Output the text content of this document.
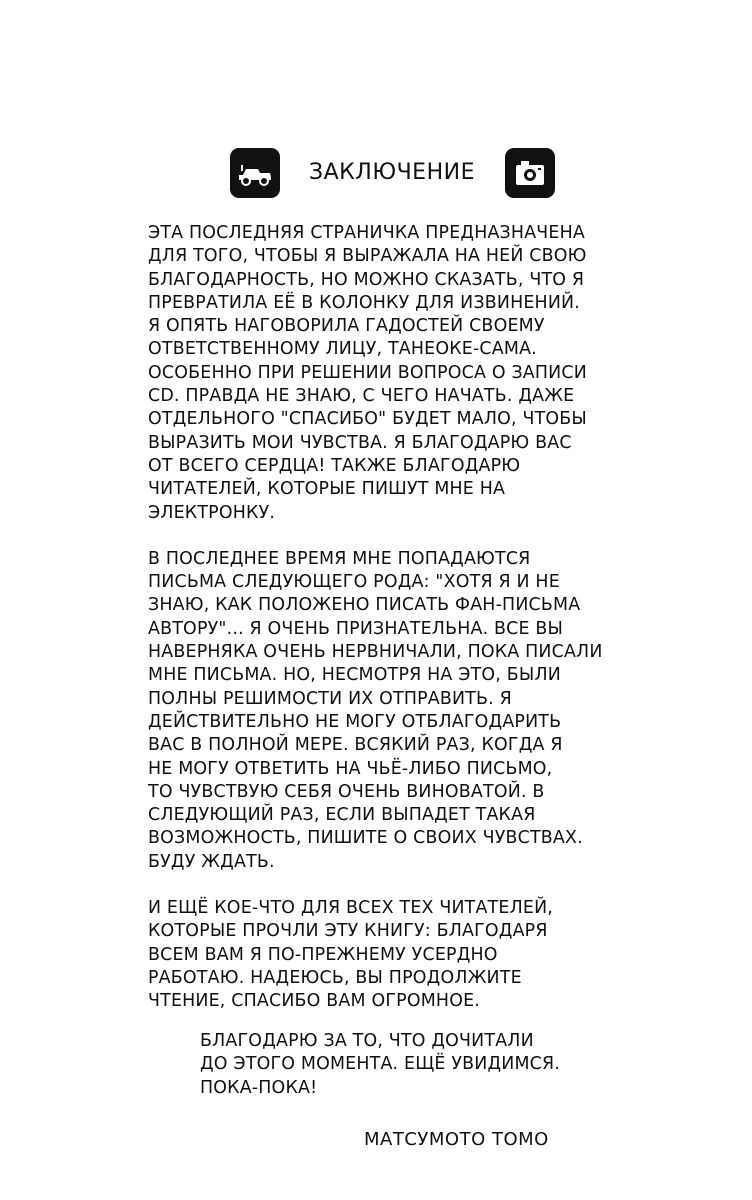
ЗАКЛЮЧЕНИЕ

ЭТА ПОСЛЕДНЯЯ СТРАНИЧКА ПРЕДНАЗНАЧЕНА
ДЛЯ ТОГО, ЧТОБЫ Я ВЫРАЖАЛА НА НЕЙ СВОЮ
БЛАГОДАРНОСТЬ, НО МОЖНО СКАЗАТЬ, ЧТО Я
ПРЕВРАТИЛА ЕЁ В КОЛОНКУ ДЛЯ ИЗВИНЕНИЙ.
Я ОПЯТЬ НАГОВОРИЛА ГАДОСТЕЙ СВОЕМУ
ОТВЕТСТВЕННОМУ ЛИЦУ, ТАНЕОКЕ-САМА.
ОСОБЕННО ПРИ РЕШЕНИИ ВОПРОСА О ЗАПИСИ
CD. ПРАВДА НЕ ЗНАЮ, С ЧЕГО НАЧАТЬ. ДАЖЕ
ОТДЕЛЬНОГО "СПАСИБО" БУДЕТ МАЛО, ЧТОБЫ
ВЫРАЗИТЬ МОИ ЧУВСТВА. Я БЛАГОДАРЮ ВАС
ОТ ВСЕГО СЕРДЦА! ТАКЖЕ БЛАГОДАРЮ
ЧИТАТЕЛЕЙ, КОТОРЫЕ ПИШУТ МНЕ НА
ЭЛЕКТРОНКУ.

В ПОСЛЕДНЕЕ ВРЕМЯ МНЕ ПОПАДАЮТСЯ
ПИСЬМА СЛЕДУЮЩЕГО РОДА: "ХОТЯ Я И НЕ
ЗНАЮ, КАК ПОЛОЖЕНО ПИСАТЬ ФАН-ПИСЬМА
АВТОРУ"... Я ОЧЕНЬ ПРИЗНАТЕЛЬНА. ВСЕ ВЫ
НАВЕРНЯКА ОЧЕНЬ НЕРВНИЧАЛИ, ПОКА ПИСАЛИ
МНЕ ПИСЬМА. НО, НЕСМОТРЯ НА ЭТО, БЫЛИ
ПОЛНЫ РЕШИМОСТИ ИХ ОТПРАВИТЬ. Я
ДЕЙСТВИТЕЛЬНО НЕ МОГУ ОТБЛАГОДАРИТЬ
ВАС В ПОЛНОЙ МЕРЕ. ВСЯКИЙ РАЗ, КОГДА Я
НЕ МОГУ ОТВЕТИТЬ НА ЧЬЁ-ЛИБО ПИСЬМО,
ТО ЧУВСТВУЮ СЕБЯ ОЧЕНЬ ВИНОВАТОЙ. В
СЛЕДУЮЩИЙ РАЗ, ЕСЛИ ВЫПАДЕТ ТАКАЯ
ВОЗМОЖНОСТЬ, ПИШИТЕ О СВОИХ ЧУВСТВАХ.
БУДУ ЖДАТЬ.

И ЕЩЁ КОЕ-ЧТО ДЛЯ ВСЕХ ТЕХ ЧИТАТЕЛЕЙ,
КОТОРЫЕ ПРОЧЛИ ЭТУ КНИГУ: БЛАГОДАРЯ
ВСЕМ ВАМ Я ПО-ПРЕЖНЕМУ УСЕРДНО
РАБОТАЮ. НАДЕЮСЬ, ВЫ ПРОДОЛЖИТЕ
ЧТЕНИЕ, СПАСИБО ВАМ ОГРОМНОЕ.

БЛАГОДАРЮ ЗА ТО, ЧТО ДОЧИТАЛИ
ДО ЭТОГО МОМЕНТА. ЕЩЁ УВИДИМСЯ.
ПОКА-ПОКА!
МАТСУМОТО ТОМО
